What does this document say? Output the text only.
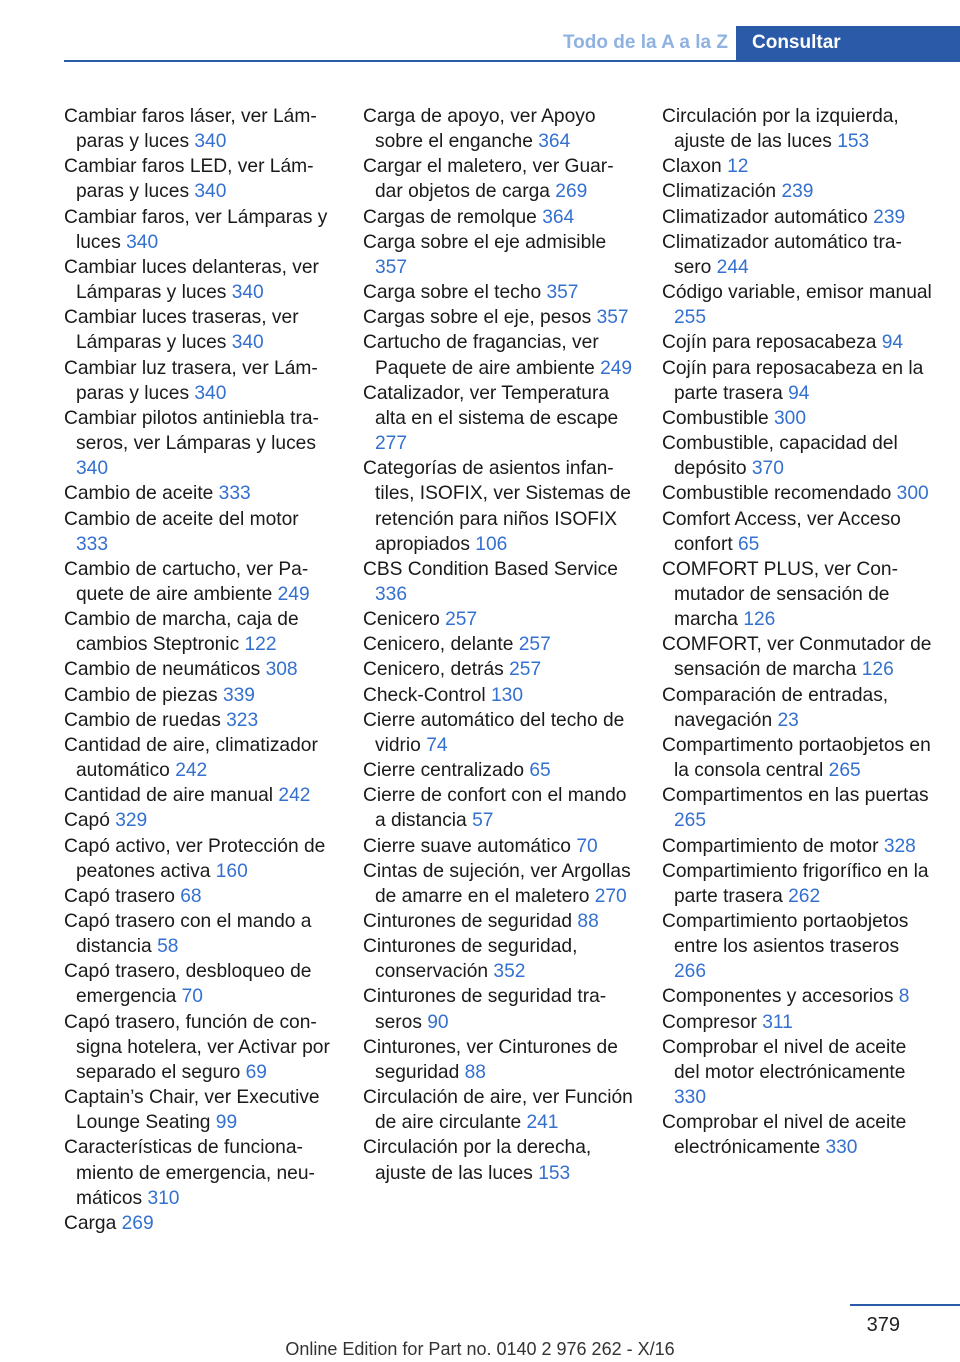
Todo de la A a la Z	Consultar
Cambiar faros láser, ver Lámparas y luces 340
Cambiar faros LED, ver Lámparas y luces 340
Cambiar faros, ver Lámparas y luces 340
Cambiar luces delanteras, ver Lámparas y luces 340
Cambiar luces traseras, ver Lámparas y luces 340
Cambiar luz trasera, ver Lámparas y luces 340
Cambiar pilotos antiniebla traseros, ver Lámparas y luces 340
Cambio de aceite 333
Cambio de aceite del motor 333
Cambio de cartucho, ver Paquete de aire ambiente 249
Cambio de marcha, caja de cambios Steptronic 122
Cambio de neumáticos 308
Cambio de piezas 339
Cambio de ruedas 323
Cantidad de aire, climatizador automático 242
Cantidad de aire manual 242
Capó 329
Capó activo, ver Protección de peatones activa 160
Capó trasero 68
Capó trasero con el mando a distancia 58
Capó trasero, desbloqueo de emergencia 70
Capó trasero, función de consigna hotelera, ver Activar por separado el seguro 69
Captain’s Chair, ver Executive Lounge Seating 99
Características de funcionamiento de emergencia, neumáticos 310
Carga 269
Carga de apoyo, ver Apoyo sobre el enganche 364
Cargar el maletero, ver Guardar objetos de carga 269
Cargas de remolque 364
Carga sobre el eje admisible 357
Carga sobre el techo 357
Cargas sobre el eje, pesos 357
Cartucho de fragancias, ver Paquete de aire ambiente 249
Catalizador, ver Temperatura alta en el sistema de escape 277
Categorías de asientos infantiles, ISOFIX, ver Sistemas de retención para niños ISOFIX apropiados 106
CBS Condition Based Service 336
Cenicero 257
Cenicero, delante 257
Cenicero, detrás 257
Check-Control 130
Cierre automático del techo de vidrio 74
Cierre centralizado 65
Cierre de confort con el mando a distancia 57
Cierre suave automático 70
Cintas de sujeción, ver Argollas de amarre en el maletero 270
Cinturones de seguridad 88
Cinturones de seguridad, conservación 352
Cinturones de seguridad traseros 90
Cinturones, ver Cinturones de seguridad 88
Circulación de aire, ver Función de aire circulante 241
Circulación por la derecha, ajuste de las luces 153
Circulación por la izquierda, ajuste de las luces 153
Claxon 12
Climatización 239
Climatizador automático 239
Climatizador automático trasero 244
Código variable, emisor manual 255
Cojín para reposacabeza 94
Cojín para reposacabeza en la parte trasera 94
Combustible 300
Combustible, capacidad del depósito 370
Combustible recomendado 300
Comfort Access, ver Acceso confort 65
COMFORT PLUS, ver Conmutador de sensación de marcha 126
COMFORT, ver Conmutador de sensación de marcha 126
Comparación de entradas, navegación 23
Compartimento portaobjetos en la consola central 265
Compartimentos en las puertas 265
Compartimiento de motor 328
Compartimiento frigorífico en la parte trasera 262
Compartimiento portaobjetos entre los asientos traseros 266
Componentes y accesorios 8
Compresor 311
Comprobar el nivel de aceite del motor electrónicamente 330
Comprobar el nivel de aceite electrónicamente 330
379
Online Edition for Part no. 0140 2 976 262 - X/16
